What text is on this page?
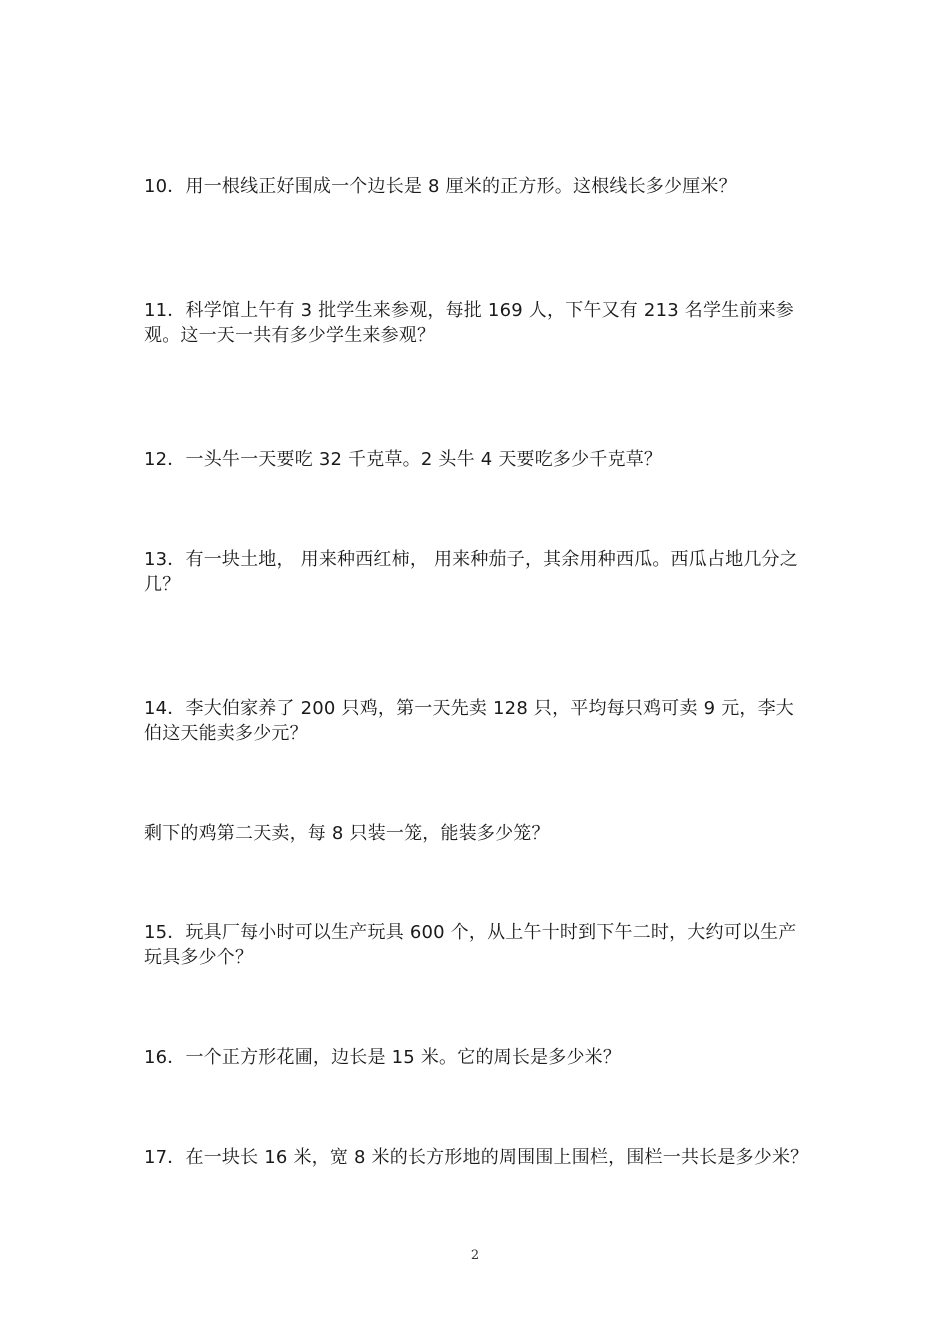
10．用一根线正好围成一个边长是 8 厘米的正方形。这根线长多少厘米？

11．科学馆上午有 3 批学生来参观，每批 169 人，下午又有 213 名学生前来参观。这一天一共有多少学生来参观？

12．一头牛一天要吃 32 千克草。2 头牛 4 天要吃多少千克草？

13．有一块土地， 用来种西红柿， 用来种茄子，其余用种西瓜。西瓜占地几分之几？

14．李大伯家养了 200 只鸡，第一天先卖 128 只，平均每只鸡可卖 9 元，李大伯这天能卖多少元？

剩下的鸡第二天卖，每 8 只装一笼，能装多少笼？

15．玩具厂每小时可以生产玩具 600 个，从上午十时到下午二时，大约可以生产玩具多少个？

16．一个正方形花圃，边长是 15 米。它的周长是多少米？

17．在一块长 16 米，宽 8 米的长方形地的周围围上围栏，围栏一共长是多少米？

2
